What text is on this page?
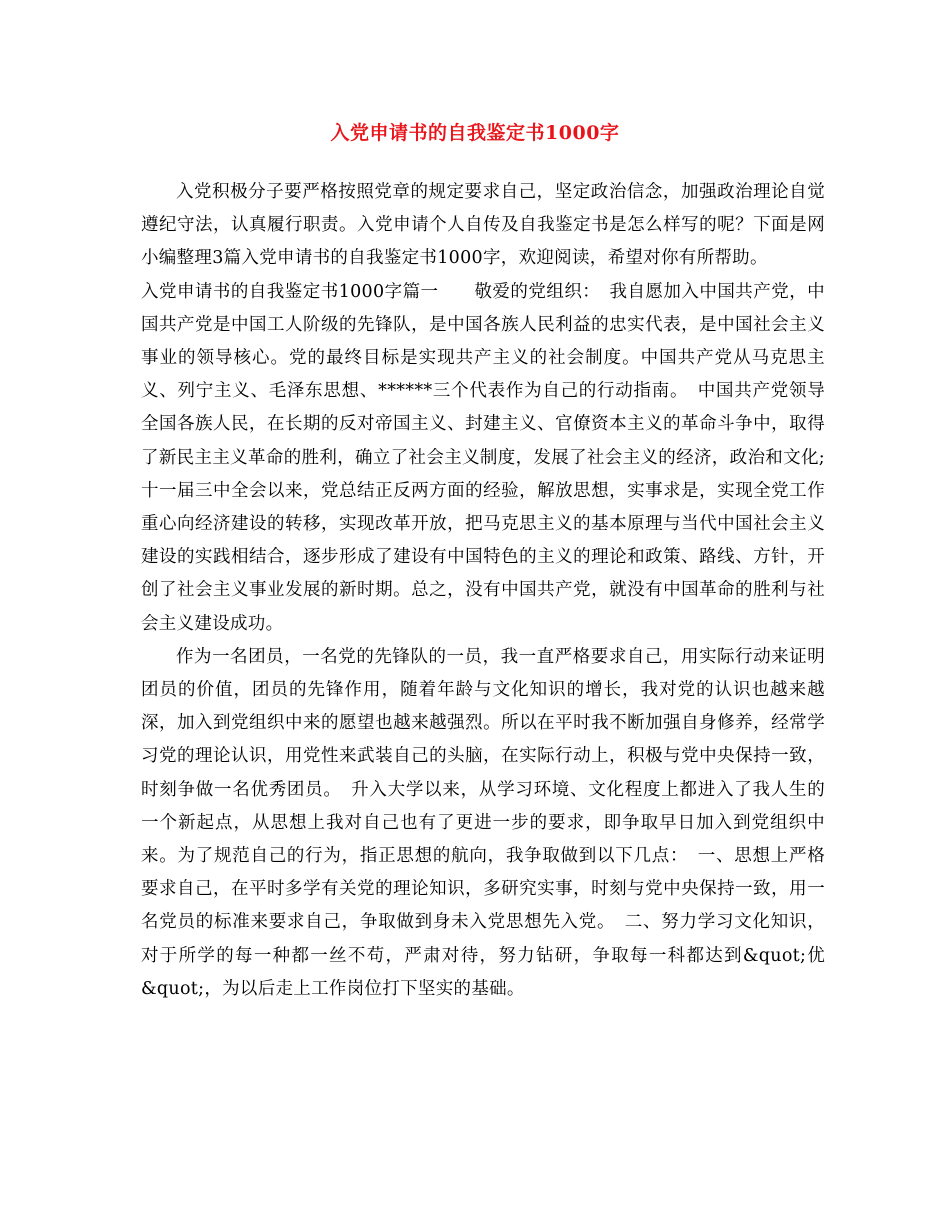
入党申请书的自我鉴定书1000字

入党积极分子要严格按照党章的规定要求自己，坚定政治信念，加强政治理论自觉遵纪守法，认真履行职责。入党申请个人自传及自我鉴定书是怎么样写的呢？下面是网小编整理3篇入党申请书的自我鉴定书1000字，欢迎阅读，希望对你有所帮助。

入党申请书的自我鉴定书1000字篇一　　敬爱的党组织：　我自愿加入中国共产党，中国共产党是中国工人阶级的先锋队，是中国各族人民利益的忠实代表，是中国社会主义事业的领导核心。党的最终目标是实现共产主义的社会制度。中国共产党从马克思主义、列宁主义、毛泽东思想、******三个代表作为自己的行动指南。　中国共产党领导全国各族人民，在长期的反对帝国主义、封建主义、官僚资本主义的革命斗争中，取得了新民主主义革命的胜利，确立了社会主义制度，发展了社会主义的经济，政治和文化;十一届三中全会以来，党总结正反两方面的经验，解放思想，实事求是，实现全党工作重心向经济建设的转移，实现改革开放，把马克思主义的基本原理与当代中国社会主义建设的实践相结合，逐步形成了建设有中国特色的主义的理论和政策、路线、方针，开创了社会主义事业发展的新时期。总之，没有中国共产党，就没有中国革命的胜利与社会主义建设成功。

作为一名团员，一名党的先锋队的一员，我一直严格要求自己，用实际行动来证明团员的价值，团员的先锋作用，随着年龄与文化知识的增长，我对党的认识也越来越深，加入到党组织中来的愿望也越来越强烈。所以在平时我不断加强自身修养，经常学习党的理论认识，用党性来武装自己的头脑，在实际行动上，积极与党中央保持一致，时刻争做一名优秀团员。　升入大学以来，从学习环境、文化程度上都进入了我人生的一个新起点，从思想上我对自己也有了更进一步的要求，即争取早日加入到党组织中来。为了规范自己的行为，指正思想的航向，我争取做到以下几点：　一、思想上严格要求自己，在平时多学有关党的理论知识，多研究实事，时刻与党中央保持一致，用一名党员的标准来要求自己，争取做到身未入党思想先入党。　二、努力学习文化知识，对于所学的每一种都一丝不苟，严肃对待，努力钻研，争取每一科都达到&quot;优&quot;，为以后走上工作岗位打下坚实的基础。
